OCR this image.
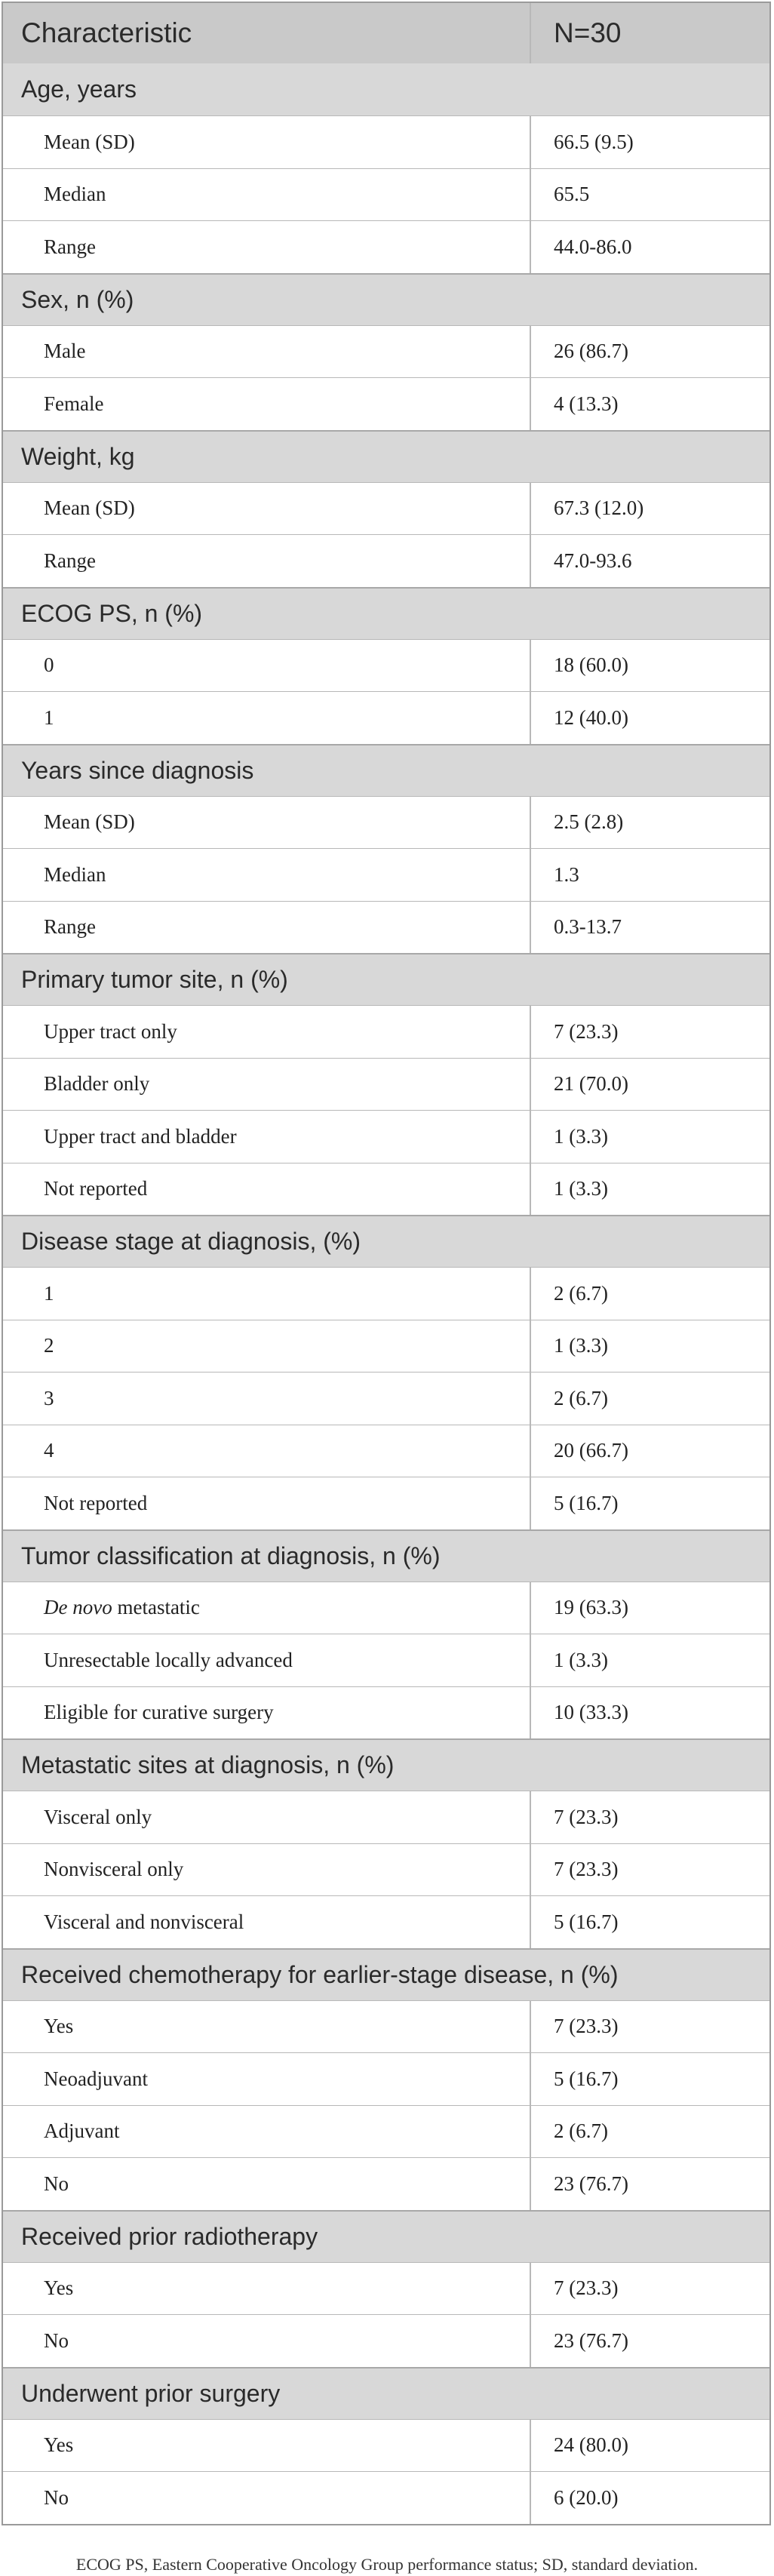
Characteristic	N=30
Age, years
Mean (SD)	66.5 (9.5)
Median	65.5
Range	44.0-86.0
Sex, n (%)
Male	26 (86.7)
Female	4 (13.3)
Weight, kg
Mean (SD)	67.3 (12.0)
Range	47.0-93.6
ECOG PS, n (%)
0	18 (60.0)
1	12 (40.0)
Years since diagnosis
Mean (SD)	2.5 (2.8)
Median	1.3
Range	0.3-13.7
Primary tumor site, n (%)
Upper tract only	7 (23.3)
Bladder only	21 (70.0)
Upper tract and bladder	1 (3.3)
Not reported	1 (3.3)
Disease stage at diagnosis, (%)
1	2 (6.7)
2	1 (3.3)
3	2 (6.7)
4	20 (66.7)
Not reported	5 (16.7)
Tumor classification at diagnosis, n (%)
De novo metastatic	19 (63.3)
Unresectable locally advanced	1 (3.3)
Eligible for curative surgery	10 (33.3)
Metastatic sites at diagnosis, n (%)
Visceral only	7 (23.3)
Nonvisceral only	7 (23.3)
Visceral and nonvisceral	5 (16.7)
Received chemotherapy for earlier-stage disease, n (%)
Yes	7 (23.3)
Neoadjuvant	5 (16.7)
Adjuvant	2 (6.7)
No	23 (76.7)
Received prior radiotherapy
Yes	7 (23.3)
No	23 (76.7)
Underwent prior surgery
Yes	24 (80.0)
No	6 (20.0)
ECOG PS, Eastern Cooperative Oncology Group performance status; SD, standard deviation.
